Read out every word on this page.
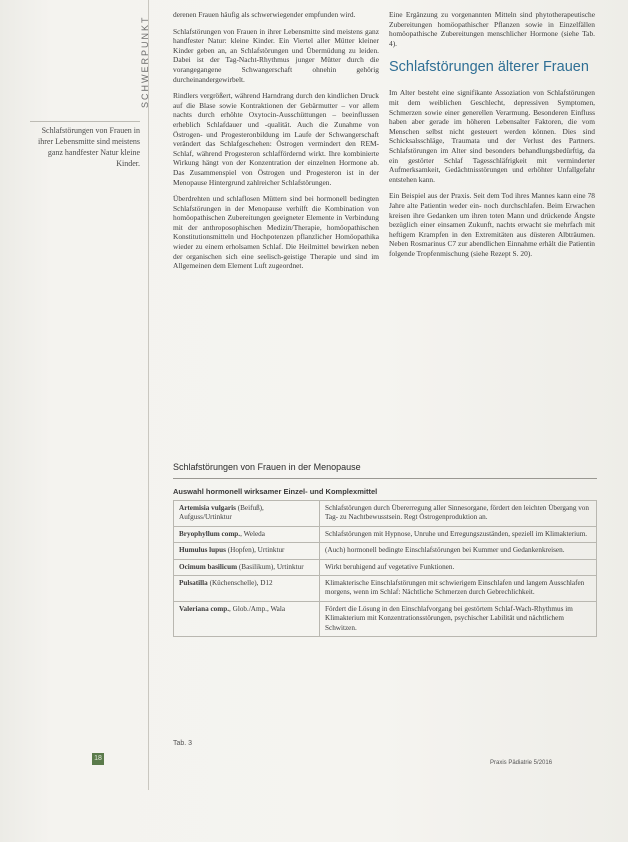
SCHWERPUNKT
Schlafstörungen von Frauen in ihrer Lebensmitte sind meistens ganz handfester Natur kleine Kinder.

derenen Frauen häufig als schwerwiegender empfunden wird.

Schlafstörungen von Frauen in ihrer Lebensmitte sind meistens ganz handfester Natur: kleine Kinder. Ein Viertel aller Mütter kleiner Kinder geben an, an Schlafstörungen und Übermüdung zu leiden. Dabei ist der Tag-Nacht-Rhythmus junger Mütter durch die vorangegangene Schwangerschaft ohnehin gehörig durcheinandergewirbelt.

Rindlers vergrößert, während Harndrang durch den kindlichen Druck auf die Blase sowie Kontraktionen der Gebärmutter – vor allem nachts durch erhöhte Oxytocin-Ausschüttungen – beeinflussen erheblich Schlafdauer und -qualität. Auch die Zunahme von Östrogen- und Progesteronbildung im Laufe der Schwangerschaft verändert das Schlafgeschehen: Östrogen vermindert den REM-Schlaf, während Progesteron schlaffördernd wirkt. Ihre kombinierte Wirkung hängt von der Konzentration der einzelnen Hormone ab. Das Zusammenspiel von Östrogen und Progesteron ist in der Menopause Hintergrund zahlreicher Schlafstörungen.

Überdrehten und schlaflosen Müttern sind bei hormonell bedingten Schlafstörungen in der Menopause verhilft die Kombination von homöopathischen Zubereitungen geeigneter Elemente in Verbindung mit der anthroposophischen Medizin/Therapie, homöopathischen Konstitutionsmitteln und Hochpotenzen pflanzlicher Homöopathika wieder zu einem erholsamen Schlaf. Die Heilmittel bewirken neben der organischen sich eine seelisch-geistige Therapie und sind im Allgemeinen dem Element Luft zugeordnet.

Eine Ergänzung zu vorgenannten Mitteln sind phytotherapeutische Zubereitungen homöopathischer Pflanzen sowie in Einzelfällen homöopathische Zubereitungen menschlicher Hormone (siehe Tab. 4).

Schlafstörungen älterer Frauen

Im Alter besteht eine signifikante Assoziation von Schlafstörungen mit dem weiblichen Geschlecht, depressiven Symptomen, Schmerzen sowie einer generellen Verarmung. Besonderen Einfluss haben aber gerade im höheren Lebensalter Faktoren, die vom Menschen selbst nicht gesteuert werden können. Dies sind Schicksalsschläge, Traumata und der Verlust des Partners. Schlafstörungen im Alter sind besonders behandlungsbedürftig, da ein gestörter Schlaf Tagesschläfrigkeit mit verminderter Aufmerksamkeit, Gedächtnisstörungen und erhöhter Unfallgefahr entstehen kann.

Ein Beispiel aus der Praxis. Seit dem Tod ihres Mannes kann eine 78 Jahre alte Patientin weder ein- noch durchschlafen. Beim Erwachen kreisen ihre Gedanken um ihren toten Mann und drückende Ängste bezüglich einer einsamen Zukunft, nachts erwacht sie mehrfach mit heftigem Krampfen in den Extremitäten aus düsteren Albträumen. Neben Rosmarinus C7 zur abendlichen Einnahme erhält die Patientin folgende Tropfenmischung (siehe Rezept S. 20).

Schlafstörungen von Frauen in der Menopause
Auswahl hormonell wirksamer Einzel- und Komplexmittel
Artemisia vulgaris (Beifuß), Aufguss/Urtinktur	Schlafstörungen durch Übererregung aller Sinnesorgane, fördert den leichten Übergang von Tag- zu Nachtbewusstsein. Regt Östrogenproduktion an.
Bryophyllum comp., Weleda	Schlafstörungen mit Hypnose, Unruhe und Erregungszuständen, speziell im Klimakterium.
Humulus lupus (Hopfen), Urtinktur	(Auch) hormonell bedingte Einschlafstörungen bei Kummer und Gedankenkreisen.
Ocimum basilicum (Basilikum), Urtinktur	Wirkt beruhigend auf vegetative Funktionen.
Pulsatilla (Küchenschelle), D12	Klimakterische Einschlafstörungen mit schwierigem Einschlafen und langem Ausschlafen morgens, wenn im Schlaf: Nächtliche Schmerzen durch Gebrechlichkeit.
Valeriana comp., Glob./Amp., Wala	Fördert die Lösung in den Einschlafvorgang bei gestörtem Schlaf-Wach-Rhythmus im Klimakterium mit Konzentrationsstörungen, psychischer Labilität und nächtlichem Schwitzen.
Tab. 3
18
Praxis Pädiatrie 5/2016
